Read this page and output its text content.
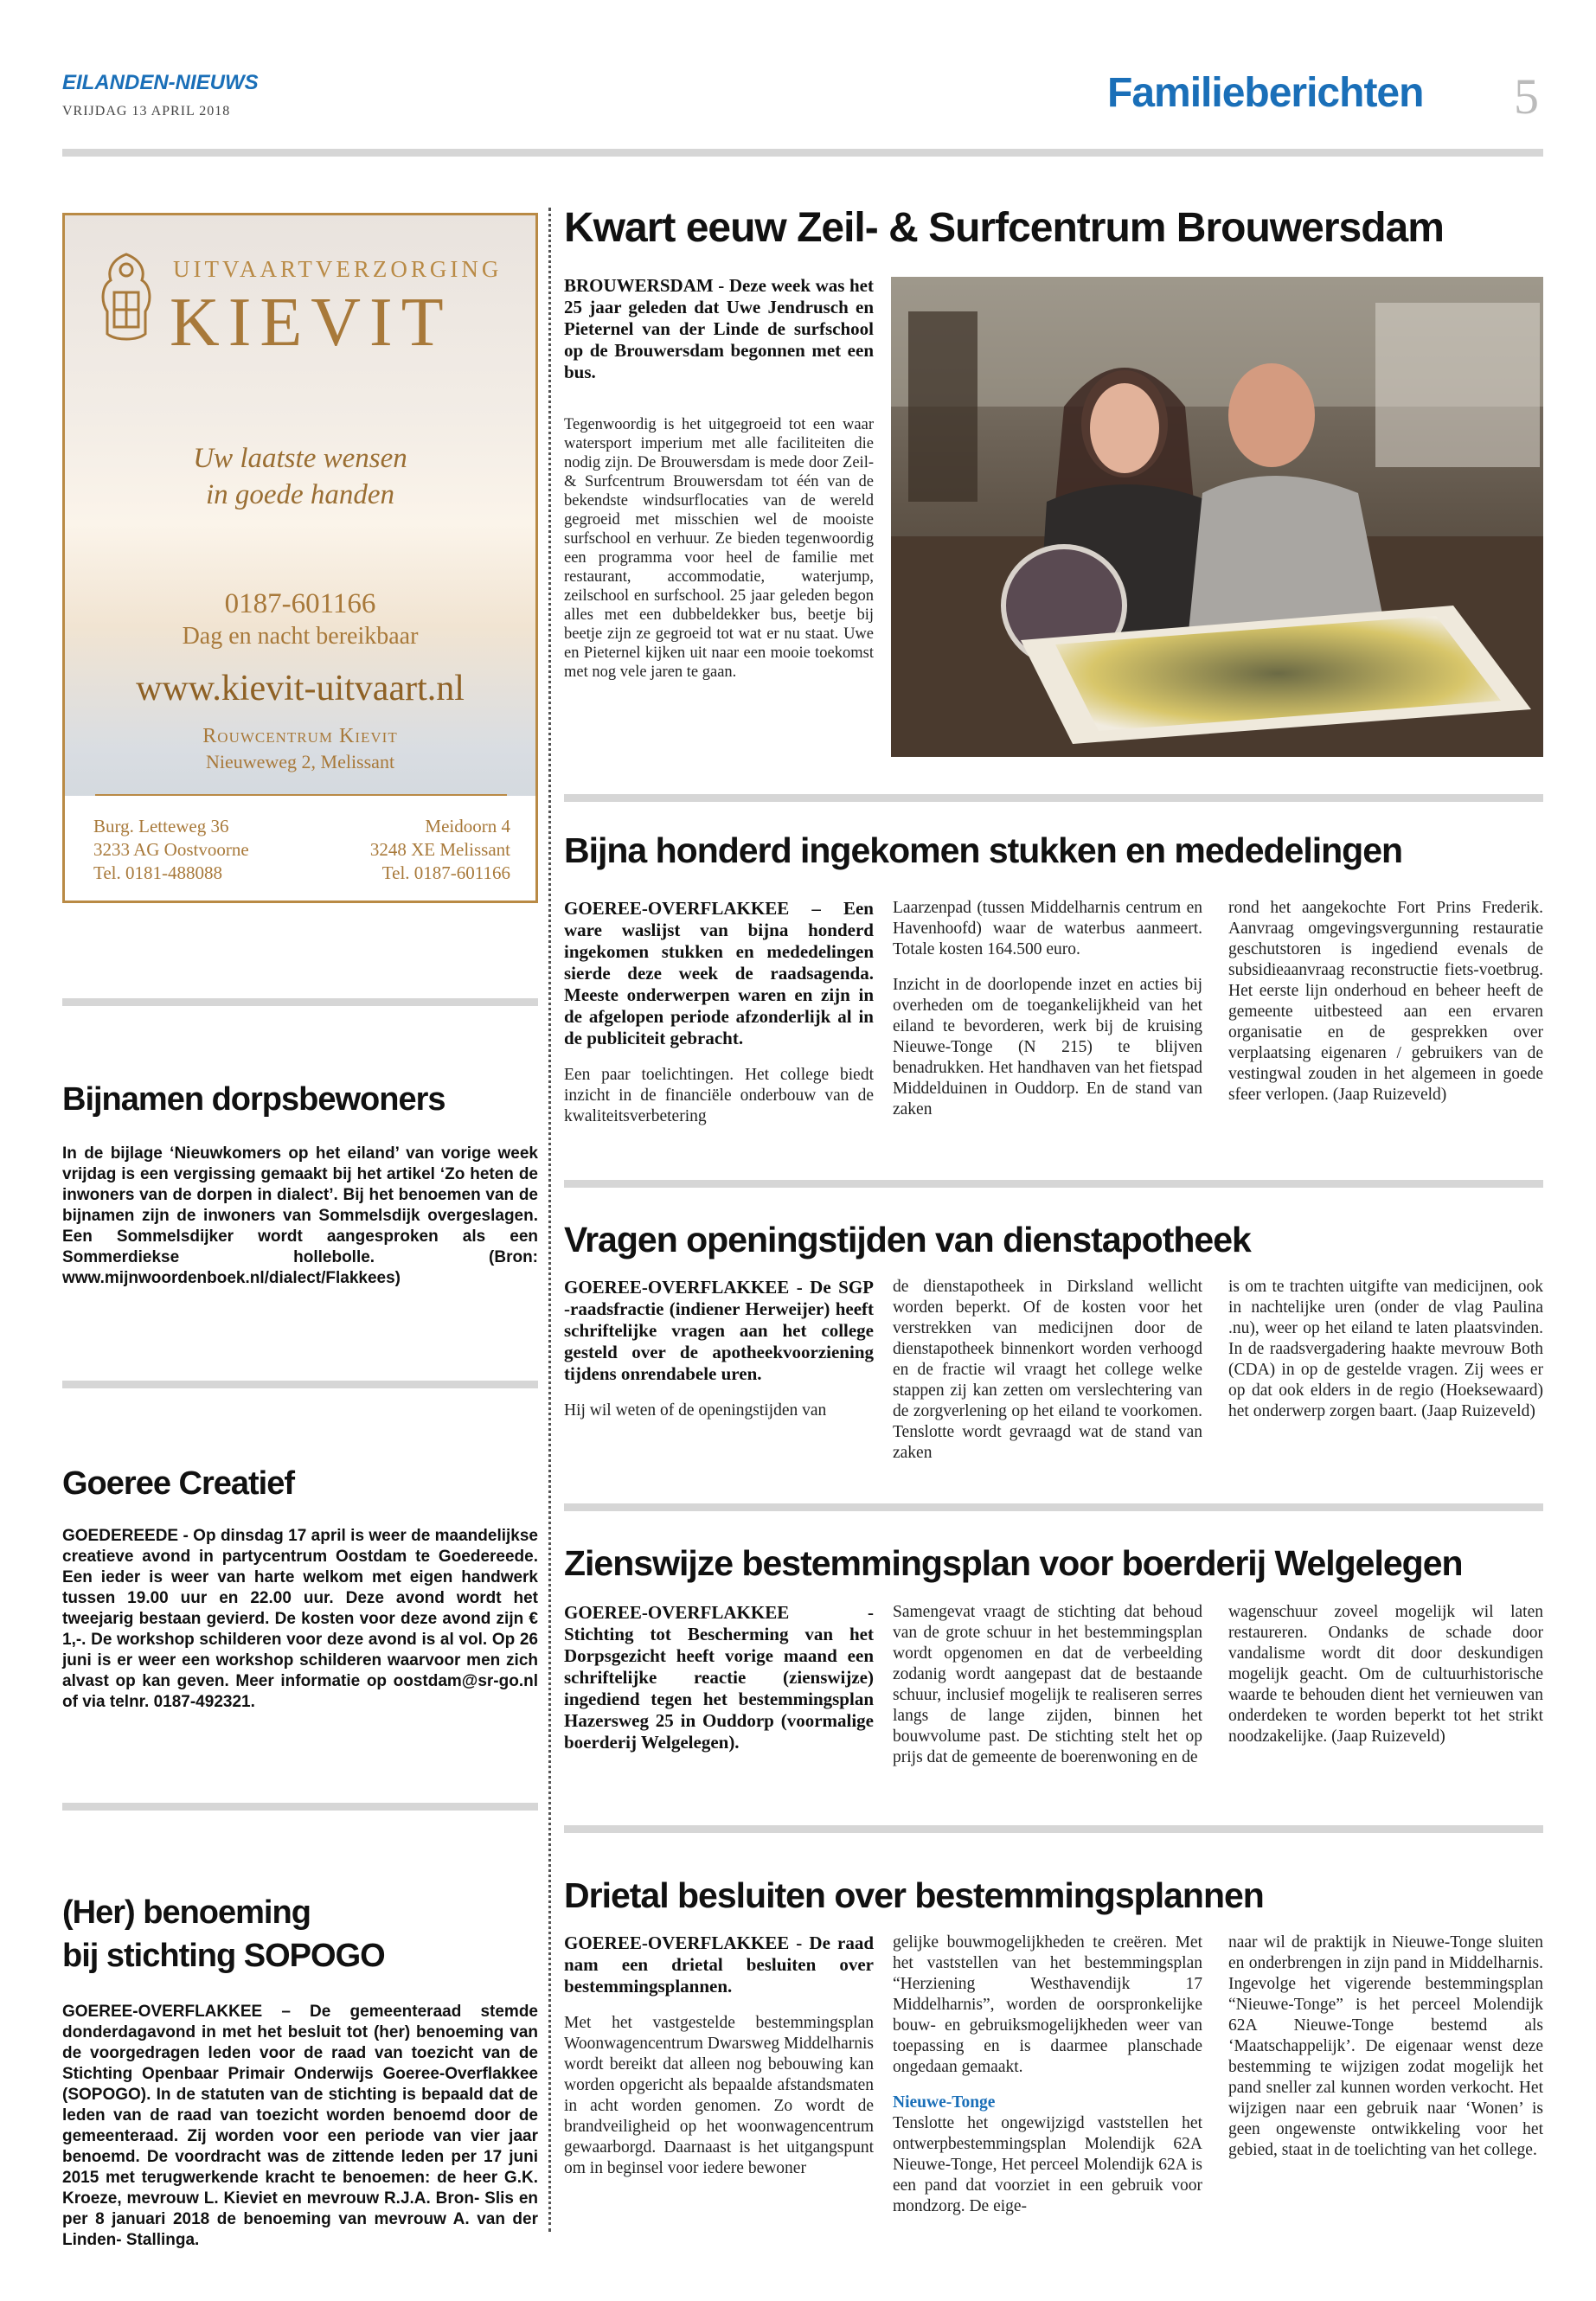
EILANDEN-NIEUWS
VRIJDAG 13 APRIL 2018	Familieberichten 5
UITVAARTVERZORGING
KIEVIT
Uw laatste wensen
in goede handen
0187-601166
Dag en nacht bereikbaar
www.kievit-uitvaart.nl
Rouwcentrum Kievit
Nieuweweg 2, Melissant
Burg. Letteweg 36
3233 AG Oostvoorne
Tel. 0181-488088
Meidoorn 4
3248 XE Melissant
Tel. 0187-601166
Bijnamen dorpsbewoners
In de bijlage ‘Nieuwkomers op het eiland’ van vorige week vrijdag is een vergissing gemaakt bij het artikel ‘Zo heten de inwoners van de dorpen in dialect’. Bij het benoemen van de bijnamen zijn de inwoners van Sommelsdijk overgeslagen. Een Sommelsdijker wordt aangesproken als een Sommerdiekse hollebolle. (Bron: www.mijnwoordenboek.nl/dialect/Flakkees)
Goeree Creatief
GOEDEREEDE - Op dinsdag 17 april is weer de maandelijkse creatieve avond in partycentrum Oostdam te Goedereede. Een ieder is weer van harte welkom met eigen handwerk tussen 19.00 uur en 22.00 uur. Deze avond wordt het tweejarig bestaan gevierd. De kosten voor deze avond zijn € 1,-. De workshop schilderen voor deze avond is al vol. Op 26 juni is er weer een workshop schilderen waarvoor men zich alvast op kan geven. Meer informatie op oostdam@sr-go.nl of via telnr. 0187-492321.
(Her) benoeming
bij stichting SOPOGO
GOEREE-OVERFLAKKEE – De gemeenteraad stemde donderdagavond in met het besluit tot (her) benoeming van de voorgedragen leden voor de raad van toezicht van de Stichting Openbaar Primair Onderwijs Goeree-Overflakkee (SOPOGO). In de statuten van de stichting is bepaald dat de leden van de raad van toezicht worden benoemd door de gemeenteraad. Zij worden voor een periode van vier jaar benoemd. De voordracht was de zittende leden per 17 juni 2015 met terugwerkende kracht te benoemen: de heer G.K. Kroeze, mevrouw L. Kieviet en mevrouw R.J.A. Bron- Slis en per 8 januari 2018 de benoeming van mevrouw A. van der Linden- Stallinga.
Kwart eeuw Zeil- & Surfcentrum Brouwersdam
BROUWERSDAM - Deze week was het 25 jaar geleden dat Uwe Jendrusch en Pieternel van der Linde de surfschool op de Brouwersdam begonnen met een bus.
Tegenwoordig is het uitgegroeid tot een waar watersport imperium met alle faciliteiten die nodig zijn. De Brouwersdam is mede door Zeil-& Surfcentrum Brouwersdam tot één van de bekendste windsurflocaties van de wereld gegroeid met misschien wel de mooiste surfschool en verhuur. Ze bieden tegenwoordig een programma voor heel de familie met restaurant, accommodatie, waterjump, zeilschool en surfschool. 25 jaar geleden begon alles met een dubbeldekker bus, beetje bij beetje zijn ze gegroeid tot wat er nu staat. Uwe en Pieternel kijken uit naar een mooie toekomst met nog vele jaren te gaan.
Bijna honderd ingekomen stukken en mededelingen
GOEREE-OVERFLAKKEE – Een ware waslijst van bijna honderd ingekomen stukken en mededelingen sierde deze week de raadsagenda. Meeste onderwerpen waren en zijn in de afgelopen periode afzonderlijk al in de publiciteit gebracht.
Een paar toelichtingen. Het college biedt inzicht in de financiële onderbouw van de kwaliteitsverbetering

Laarzenpad (tussen Middelharnis centrum en Havenhoofd) waar de waterbus aanmeert. Totale kosten 164.500 euro.

Inzicht in de doorlopende inzet en acties bij overheden om de toegankelijkheid van het eiland te bevorderen, werk bij de kruising Nieuwe-Tonge (N 215) te blijven benadrukken. Het handhaven van het fietspad Middelduinen in Ouddorp. En de stand van zaken

rond het aangekochte Fort Prins Frederik. Aanvraag omgevingsvergunning restauratie geschutstoren is ingediend evenals de subsidieaanvraag reconstructie fiets-voetbrug. Het eerste lijn onderhoud en beheer heeft de gemeente uitbesteed aan een ervaren organisatie en de gesprekken over verplaatsing eigenaren / gebruikers van de vestingwal zouden in het algemeen in goede sfeer verlopen. (Jaap Ruizeveld)
Vragen openingstijden van dienstapotheek
GOEREE-OVERFLAKKEE - De SGP -raadsfractie (indiener Herweijer) heeft schriftelijke vragen aan het college gesteld over de apotheekvoorziening tijdens onrendabele uren.
Hij wil weten of de openingstijden van
de dienstapotheek in Dirksland wellicht worden beperkt. Of de kosten voor het verstrekken van medicijnen door de dienstapotheek binnenkort worden verhoogd en de fractie wil vraagt het college welke stappen zij kan zetten om verslechtering van de zorgverlening op het eiland te voorkomen. Tenslotte wordt gevraagd wat de stand van zaken
is om te trachten uitgifte van medicijnen, ook in nachtelijke uren (onder de vlag Paulina .nu), weer op het eiland te laten plaatsvinden. In de raadsvergadering haakte mevrouw Both (CDA) in op de gestelde vragen. Zij wees er op dat ook elders in de regio (Hoeksewaard) het onderwerp zorgen baart. (Jaap Ruizeveld)
Zienswijze bestemmingsplan voor boerderij Welgelegen
GOEREE-OVERFLAKKEE - Stichting tot Bescherming van het Dorpsgezicht heeft vorige maand een schriftelijke reactie (zienswijze) ingediend tegen het bestemmingsplan Hazersweg 25 in Ouddorp (voormalige boerderij Welgelegen).
Samengevat vraagt de stichting dat behoud van de grote schuur in het bestemmingsplan wordt opgenomen en dat de verbeelding zodanig wordt aangepast dat de bestaande schuur, inclusief mogelijk te realiseren serres langs de lange zijden, binnen het bouwvolume past. De stichting stelt het op prijs dat de gemeente de boerenwoning en de
wagenschuur zoveel mogelijk wil laten restaureren. Ondanks de schade door vandalisme wordt dit door deskundigen mogelijk geacht. Om de cultuurhistorische waarde te behouden dient het vernieuwen van onderdeken te worden beperkt tot het strikt noodzakelijke. (Jaap Ruizeveld)
Drietal besluiten over bestemmingsplannen
GOEREE-OVERFLAKKEE - De raad nam een drietal besluiten over bestemmingsplannen.
Met het vastgestelde bestemmingsplan Woonwagencentrum Dwarsweg Middelharnis wordt bereikt dat alleen nog bebouwing kan worden opgericht als bepaalde afstandsmaten in acht worden genomen. Zo wordt de brandveiligheid op het woonwagencentrum gewaarborgd. Daarnaast is het uitgangspunt om in beginsel voor iedere bewoner

gelijke bouwmogelijkheden te creëren. Met het vaststellen van het bestemmingsplan “Herziening Westhavendijk 17 Middelharnis”, worden de oorspronkelijke bouw- en gebruiksmogelijkheden weer van toepassing en is daarmee planschade ongedaan gemaakt.

Nieuwe-Tonge
Tenslotte het ongewijzigd vaststellen het ontwerpbestemmingsplan Molendijk 62A Nieuwe-Tonge, Het perceel Molendijk 62A is een pand dat voorziet in een gebruik voor mondzorg. De eige-
naar wil de praktijk in Nieuwe-Tonge sluiten en onderbrengen in zijn pand in Middelharnis. Ingevolge het vigerende bestemmingsplan “Nieuwe-Tonge” is het perceel Molendijk 62A Nieuwe-Tonge bestemd als ‘Maatschappelijk’. De eigenaar wenst deze bestemming te wijzigen zodat mogelijk het pand sneller zal kunnen worden verkocht. Het wijzigen naar een gebruik naar ‘Wonen’ is geen ongewenste ontwikkeling voor het gebied, staat in de toelichting van het college.
